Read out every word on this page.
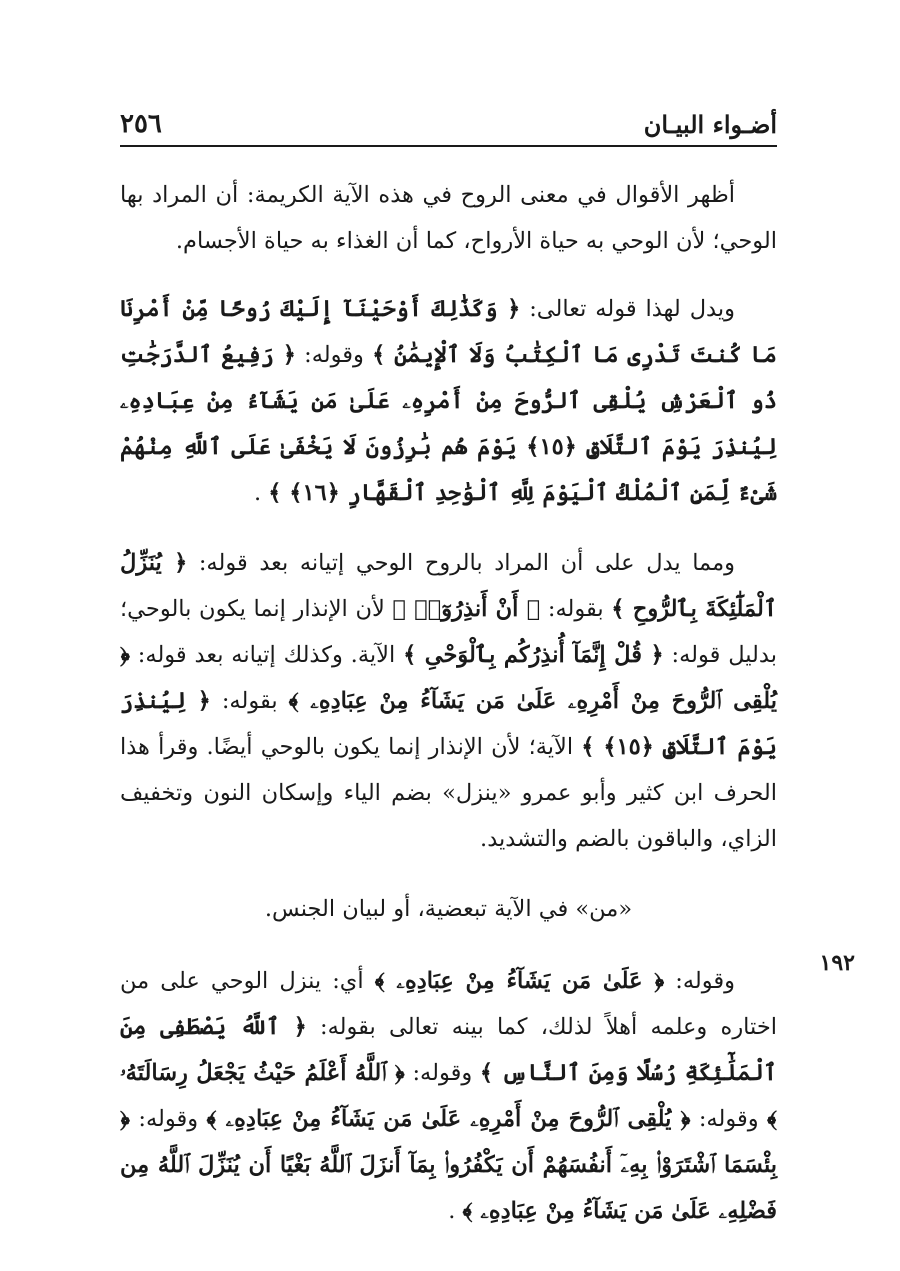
أضـواء البيـان
٢٥٦
١٩٢

أظهر الأقوال في معنى الروح في هذه الآية الكريمة: أن المراد بها الوحي؛ لأن الوحي به حياة الأرواح، كما أن الغذاء به حياة الأجسام.

ويدل لهذا قوله تعالى: ﴿ وَكَذَٰلِكَ أَوْحَيْنَآ إِلَيْكَ رُوحًا مِّنْ أَمْرِنَا مَا كُنتَ تَدْرِى مَا ٱلْكِتَٰبُ وَلَا ٱلْإِيمَٰنُ ﴾ وقوله: ﴿ رَفِيعُ ٱلدَّرَجَٰتِ ذُو ٱلْعَرْشِ يُلْقِى ٱلرُّوحَ مِنْ أَمْرِهِۦ عَلَىٰ مَن يَشَآءُ مِنْ عِبَادِهِۦ لِيُنذِرَ يَوْمَ ٱلتَّلَاقِ ﴿١٥﴾ يَوْمَ هُم بَٰرِزُونَ لَا يَخْفَىٰ عَلَى ٱللَّهِ مِنْهُمْ شَىْءٌ لِّمَنِ ٱلْمُلْكُ ٱلْيَوْمَ لِلَّهِ ٱلْوَٰحِدِ ٱلْقَهَّارِ ﴿١٦﴾ ﴾ .

ومما يدل على أن المراد بالروح الوحي إتيانه بعد قوله: ﴿ يُنَزِّلُ ٱلْمَلَٰٓئِكَةَ بِٱلرُّوحِ ﴾ بقوله: ﴿ أَنْ أَنذِرُوٓا۟ ﴾ لأن الإنذار إنما يكون بالوحي؛ بدليل قوله: ﴿ قُلْ إِنَّمَآ أُنذِرُكُم بِٱلْوَحْىِ ﴾ الآية. وكذلك إتيانه بعد قوله: ﴿ يُلْقِى ٱلرُّوحَ مِنْ أَمْرِهِۦ عَلَىٰ مَن يَشَآءُ مِنْ عِبَادِهِۦ ﴾ بقوله: ﴿ لِيُنذِرَ يَوْمَ ٱلتَّلَاقِ ﴿١٥﴾ ﴾ الآية؛ لأن الإنذار إنما يكون بالوحي أيضًا. وقرأ هذا الحرف ابن كثير وأبو عمرو «ينزل» بضم الياء وإسكان النون وتخفيف الزاي، والباقون بالضم والتشديد.

«من» في الآية تبعضية، أو لبيان الجنس.

وقوله: ﴿ عَلَىٰ مَن يَشَآءُ مِنْ عِبَادِهِۦ ﴾ أي: ينزل الوحي على من اختاره وعلمه أهلاً لذلك، كما بينه تعالى بقوله: ﴿ ٱللَّهُ يَصْطَفِى مِنَ ٱلْمَلَٰٓئِكَةِ رُسُلًا وَمِنَ ٱلنَّاسِ ﴾ وقوله: ﴿ ٱللَّهُ أَعْلَمُ حَيْثُ يَجْعَلُ رِسَالَتَهُۥ ﴾ وقوله: ﴿ يُلْقِى ٱلرُّوحَ مِنْ أَمْرِهِۦ عَلَىٰ مَن يَشَآءُ مِنْ عِبَادِهِۦ ﴾ وقوله: ﴿ بِئْسَمَا ٱشْتَرَوْا۟ بِهِۦٓ أَنفُسَهُمْ أَن يَكْفُرُوا۟ بِمَآ أَنزَلَ ٱللَّهُ بَغْيًا أَن يُنَزِّلَ ٱللَّهُ مِن فَضْلِهِۦ عَلَىٰ مَن يَشَآءُ مِنْ عِبَادِهِۦ ﴾ .
